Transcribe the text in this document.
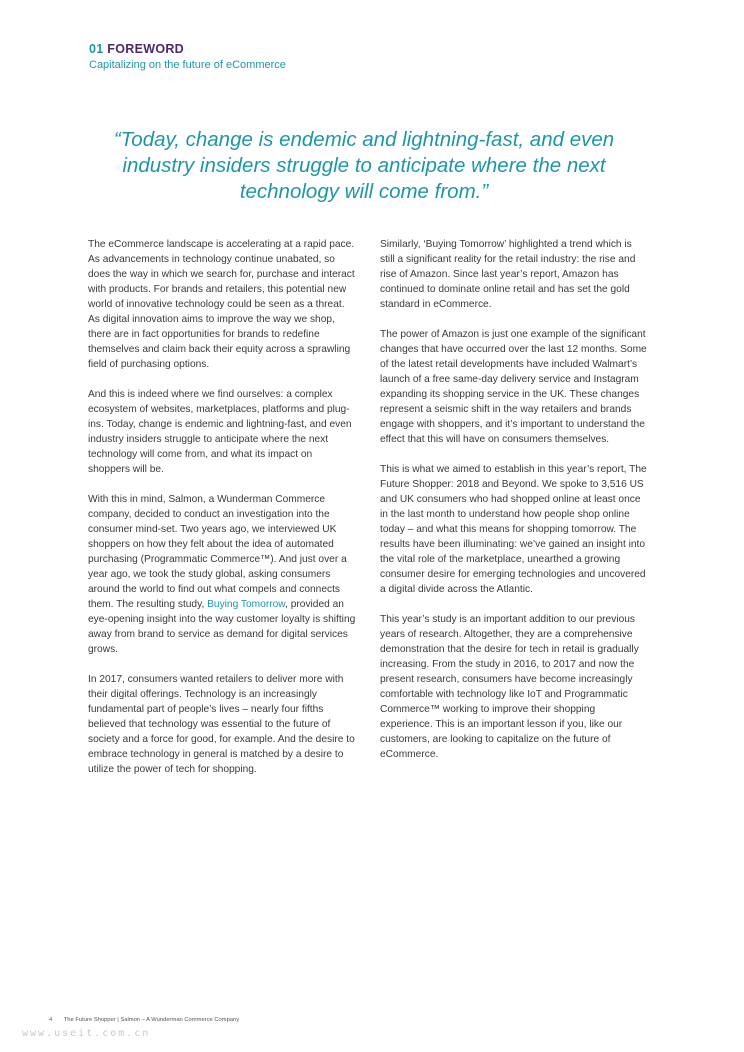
01 FOREWORD
Capitalizing on the future of eCommerce

“Today, change is endemic and lightning-fast, and even industry insiders struggle to anticipate where the next technology will come from.”

The eCommerce landscape is accelerating at a rapid pace. As advancements in technology continue unabated, so does the way in which we search for, purchase and interact with products. For brands and retailers, this potential new world of innovative technology could be seen as a threat. As digital innovation aims to improve the way we shop, there are in fact opportunities for brands to redefine themselves and claim back their equity across a sprawling field of purchasing options.

And this is indeed where we find ourselves: a complex ecosystem of websites, marketplaces, platforms and plug-ins. Today, change is endemic and lightning-fast, and even industry insiders struggle to anticipate where the next technology will come from, and what its impact on shoppers will be.

With this in mind, Salmon, a Wunderman Commerce company, decided to conduct an investigation into the consumer mind-set. Two years ago, we interviewed UK shoppers on how they felt about the idea of automated purchasing (Programmatic Commerce™). And just over a year ago, we took the study global, asking consumers around the world to find out what compels and connects them. The resulting study, Buying Tomorrow, provided an eye-opening insight into the way customer loyalty is shifting away from brand to service as demand for digital services grows.

In 2017, consumers wanted retailers to deliver more with their digital offerings. Technology is an increasingly fundamental part of people’s lives – nearly four fifths believed that technology was essential to the future of society and a force for good, for example. And the desire to embrace technology in general is matched by a desire to utilize the power of tech for shopping.

Similarly, ‘Buying Tomorrow’ highlighted a trend which is still a significant reality for the retail industry: the rise and rise of Amazon. Since last year’s report, Amazon has continued to dominate online retail and has set the gold standard in eCommerce.

The power of Amazon is just one example of the significant changes that have occurred over the last 12 months. Some of the latest retail developments have included Walmart’s launch of a free same-day delivery service and Instagram expanding its shopping service in the UK. These changes represent a seismic shift in the way retailers and brands engage with shoppers, and it’s important to understand the effect that this will have on consumers themselves.

This is what we aimed to establish in this year’s report, The Future Shopper: 2018 and Beyond. We spoke to 3,516 US and UK consumers who had shopped online at least once in the last month to understand how people shop online today – and what this means for shopping tomorrow. The results have been illuminating: we’ve gained an insight into the vital role of the marketplace, unearthed a growing consumer desire for emerging technologies and uncovered a digital divide across the Atlantic.

This year’s study is an important addition to our previous years of research. Altogether, they are a comprehensive demonstration that the desire for tech in retail is gradually increasing. From the study in 2016, to 2017 and now the present research, consumers have become increasingly comfortable with technology like IoT and Programmatic Commerce™ working to improve their shopping experience. This is an important lesson if you, like our customers, are looking to capitalize on the future of eCommerce.

4 The Future Shopper | Salmon – A Wunderman Commerce Company
www.useit.com.cn
